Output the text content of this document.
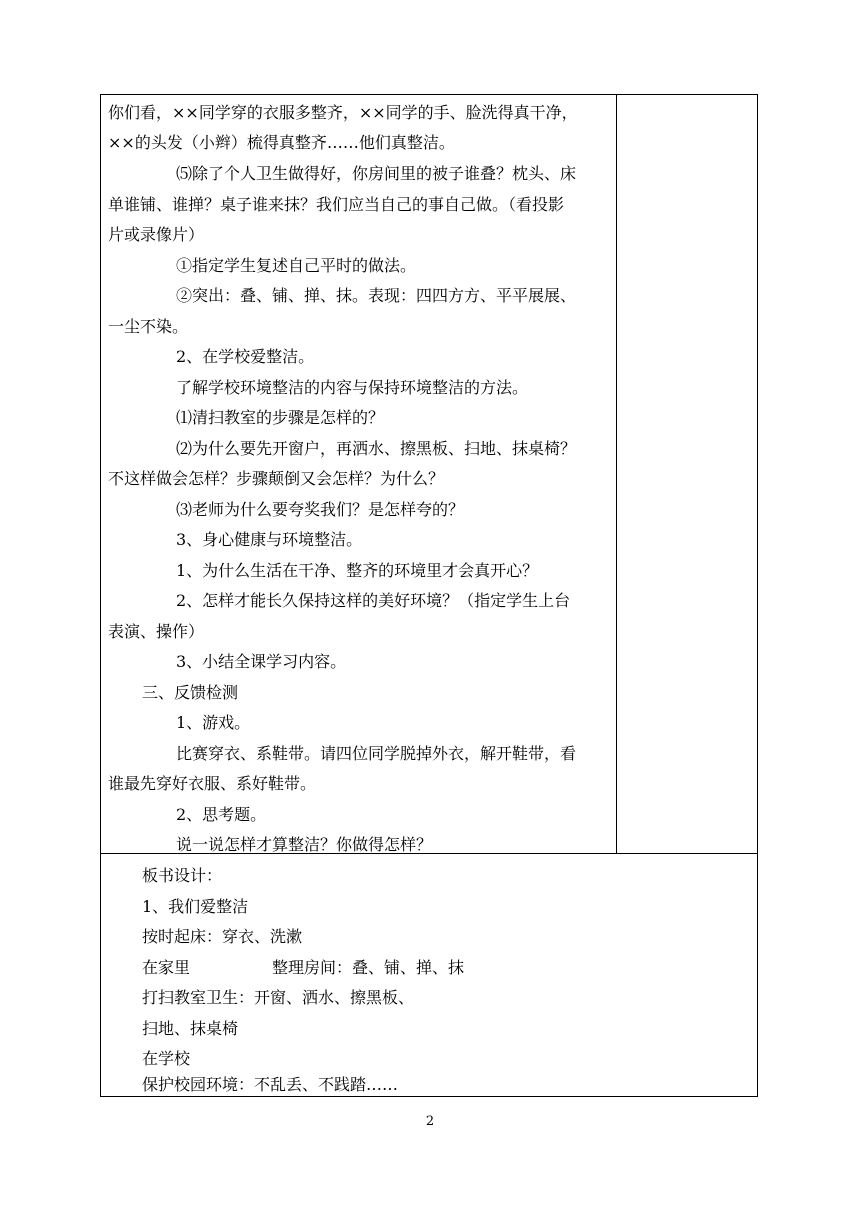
你们看，××同学穿的衣服多整齐，××同学的手、脸洗得真干净，
××的头发（小辫）梳得真整齐……他们真整洁。
⑸除了个人卫生做得好，你房间里的被子谁叠？枕头、床
单谁铺、谁掸？桌子谁来抹？我们应当自己的事自己做。（看投影
片或录像片）
①指定学生复述自己平时的做法。
②突出：叠、铺、掸、抹。表现：四四方方、平平展展、
一尘不染。
2、在学校爱整洁。
了解学校环境整洁的内容与保持环境整洁的方法。
⑴清扫教室的步骤是怎样的？
⑵为什么要先开窗户，再洒水、擦黑板、扫地、抹桌椅？
不这样做会怎样？步骤颠倒又会怎样？为什么？
⑶老师为什么要夸奖我们？是怎样夸的？
3、身心健康与环境整洁。
1、为什么生活在干净、整齐的环境里才会真开心？
2、怎样才能长久保持这样的美好环境？（指定学生上台
表演、操作）
3、小结全课学习内容。
三、反馈检测
1、游戏。
比赛穿衣、系鞋带。请四位同学脱掉外衣，解开鞋带，看
谁最先穿好衣服、系好鞋带。
2、思考题。
说一说怎样才算整洁？你做得怎样？
板书设计：
1、我们爱整洁
按时起床：穿衣、洗漱
在家里	整理房间：叠、铺、掸、抹
打扫教室卫生：开窗、洒水、擦黑板、
扫地、抹桌椅
在学校
保护校园环境：不乱丢、不践踏……
2
